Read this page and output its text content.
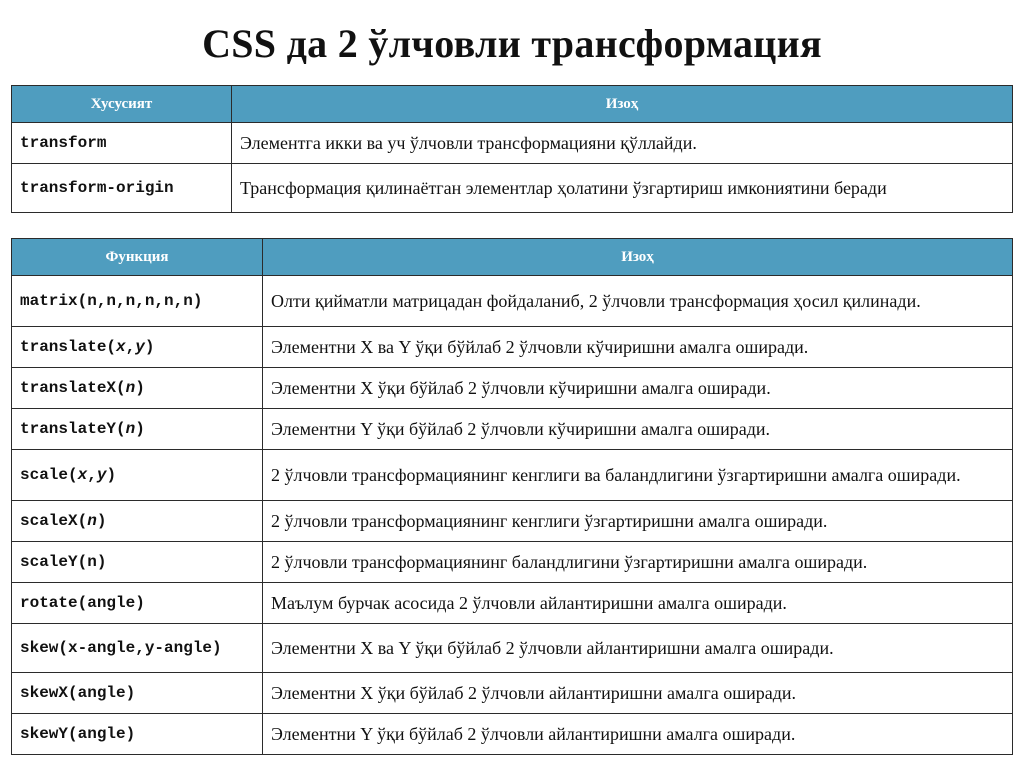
CSS да 2 ўлчовли трансформация
Хусусият	Изоҳ
transform	Элементга икки ва уч ўлчовли трансформацияни қўллайди.
transform-origin	Трансформация қилинаётган элементлар ҳолатини ўзгартириш имкониятини беради
Функция	Изоҳ
matrix(n,n,n,n,n,n)	Олти қийматли матрицадан фойдаланиб, 2 ўлчовли трансформация ҳосил қилинади.
translate(x,y)	Элементни X ва Y ўқи бўйлаб 2 ўлчовли кўчиришни амалга оширади.
translateX(n)	Элементни X ўқи бўйлаб 2 ўлчовли кўчиришни амалга оширади.
translateY(n)	Элементни Y ўқи бўйлаб 2 ўлчовли кўчиришни амалга оширади.
scale(x,y)	2 ўлчовли трансформациянинг кенглиги ва баландлигини ўзгартиришни амалга оширади.
scaleX(n)	2 ўлчовли трансформациянинг кенглиги ўзгартиришни амалга оширади.
scaleY(n)	2 ўлчовли трансформациянинг баландлигини ўзгартиришни амалга оширади.
rotate(angle)	Маълум бурчак асосида 2 ўлчовли айлантиришни амалга оширади.
skew(x-angle,y-angle)	Элементни X ва Y ўқи бўйлаб 2 ўлчовли айлантиришни амалга оширади.
skewX(angle)	Элементни X ўқи бўйлаб 2 ўлчовли айлантиришни амалга оширади.
skewY(angle)	Элементни Y ўқи бўйлаб 2 ўлчовли айлантиришни амалга оширади.
